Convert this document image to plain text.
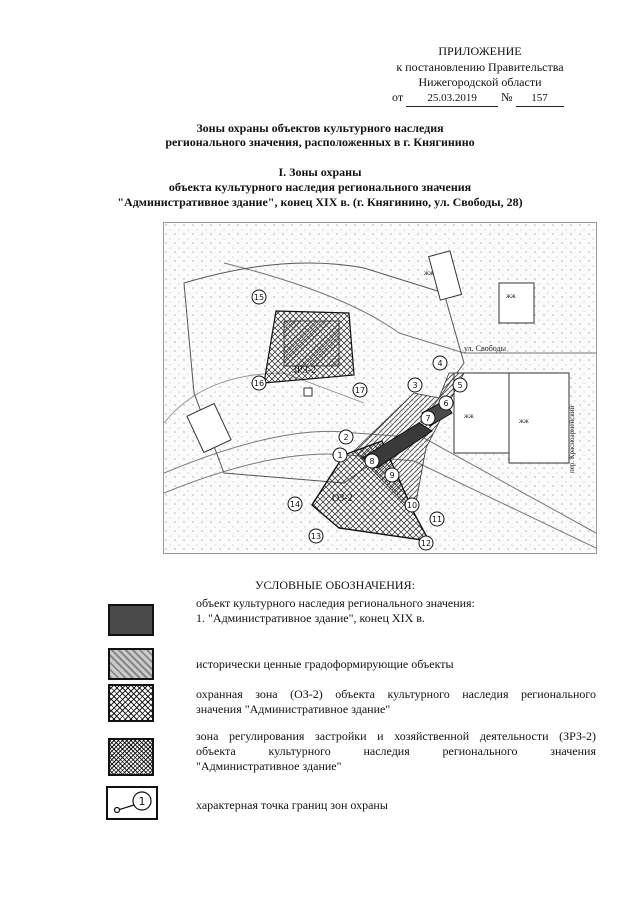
ПРИЛОЖЕНИЕ
к постановлению Правительства
Нижегородской области
от 25.03.2019 № 157
Зоны охраны объектов культурного наследия
регионального значения, расположенных в г. Княгинино
I. Зоны охраны
объекта культурного наследия регионального значения
"Административное здание", конец XIX в. (г. Княгинино, ул. Свободы, 28)
жж
жж
жж
жж
ул. Свободы
пер. Красноармейский
ЗРЗ-2
ОЗ-2
1
2
3
4
5
6
7
8
9
10
11
12
13
14
15
16
17
УСЛОВНЫЕ ОБОЗНАЧЕНИЯ:
объект культурного наследия регионального значения:
1. "Административное здание", конец XIX в.
исторически ценные градоформирующие объекты
охранная зона (ОЗ-2) объекта культурного наследия регионального
значения "Административное здание"
зона регулирования застройки и хозяйственной деятельности (ЗРЗ-2)
объекта культурного наследия регионального значения
"Административное здание"
1	характерная точка границ зон охраны
